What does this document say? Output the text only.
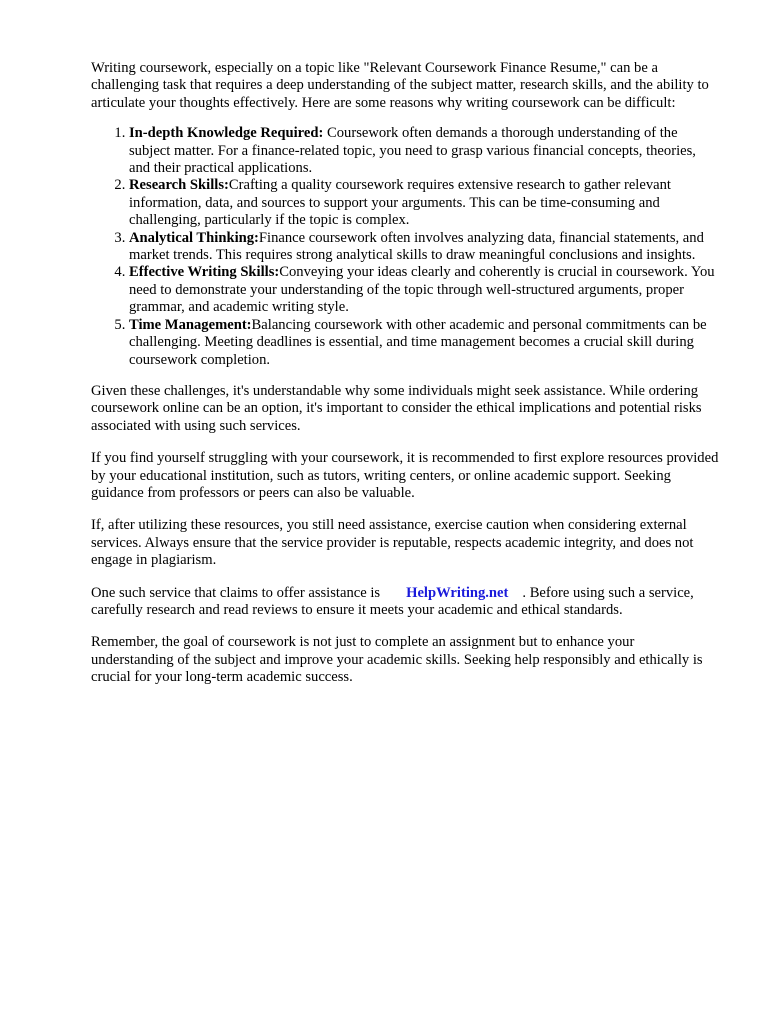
Writing coursework, especially on a topic like "Relevant Coursework Finance Resume," can be a challenging task that requires a deep understanding of the subject matter, research skills, and the ability to articulate your thoughts effectively. Here are some reasons why writing coursework can be difficult:

1. In-depth Knowledge Required: Coursework often demands a thorough understanding of the subject matter. For a finance-related topic, you need to grasp various financial concepts, theories, and their practical applications.
2. Research Skills:Crafting a quality coursework requires extensive research to gather relevant information, data, and sources to support your arguments. This can be time-consuming and challenging, particularly if the topic is complex.
3. Analytical Thinking:Finance coursework often involves analyzing data, financial statements, and market trends. This requires strong analytical skills to draw meaningful conclusions and insights.
4. Effective Writing Skills:Conveying your ideas clearly and coherently is crucial in coursework. You need to demonstrate your understanding of the topic through well-structured arguments, proper grammar, and academic writing style.
5. Time Management:Balancing coursework with other academic and personal commitments can be challenging. Meeting deadlines is essential, and time management becomes a crucial skill during coursework completion.

Given these challenges, it's understandable why some individuals might seek assistance. While ordering coursework online can be an option, it's important to consider the ethical implications and potential risks associated with using such services.

If you find yourself struggling with your coursework, it is recommended to first explore resources provided by your educational institution, such as tutors, writing centers, or online academic support. Seeking guidance from professors or peers can also be valuable.

If, after utilizing these resources, you still need assistance, exercise caution when considering external services. Always ensure that the service provider is reputable, respects academic integrity, and does not engage in plagiarism.

One such service that claims to offer assistance is HelpWriting.net . Before using such a service, carefully research and read reviews to ensure it meets your academic and ethical standards.

Remember, the goal of coursework is not just to complete an assignment but to enhance your understanding of the subject and improve your academic skills. Seeking help responsibly and ethically is crucial for your long-term academic success.
